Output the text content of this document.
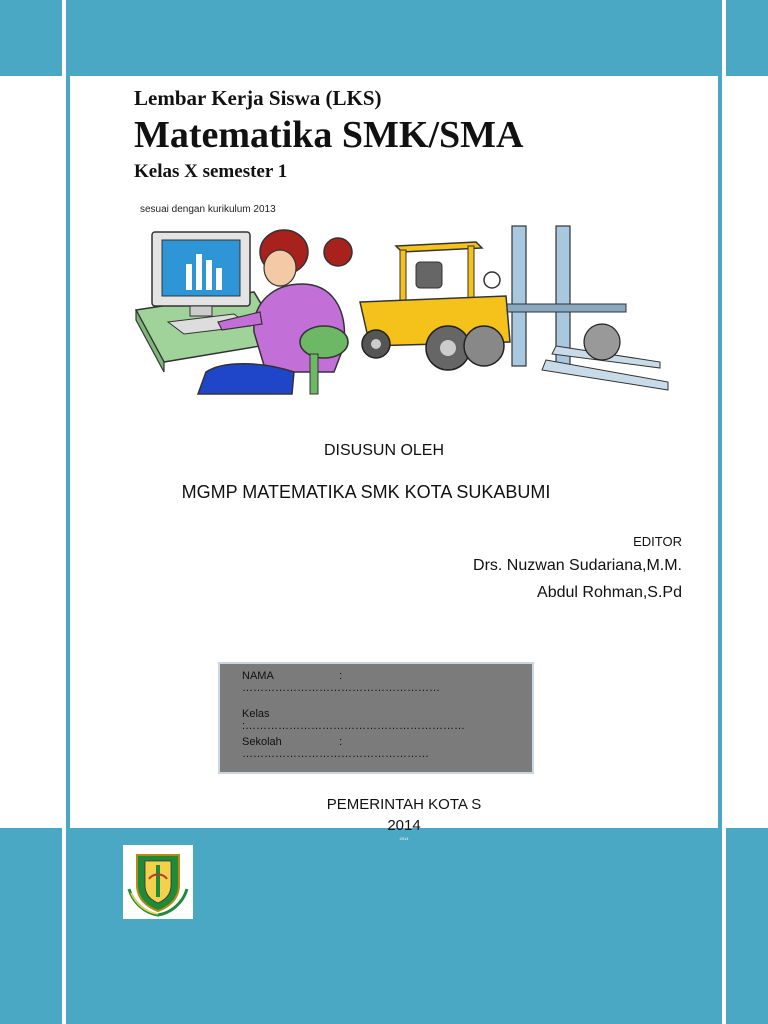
Lembar Kerja Siswa (LKS)
Matematika SMK/SMA
Kelas X semester 1
sesuai dengan kurikulum 2013
DISUSUN OLEH
MGMP MATEMATIKA SMK KOTA SUKABUMI
EDITOR
Drs. Nuzwan Sudariana,M.M.
Abdul Rohman,S.Pd
NAMA	: ………………………………………………
Kelas :……………………………………………………
Sekolah	: ……………………………………………
PEMERINTAH KOTA S
2014
2014
